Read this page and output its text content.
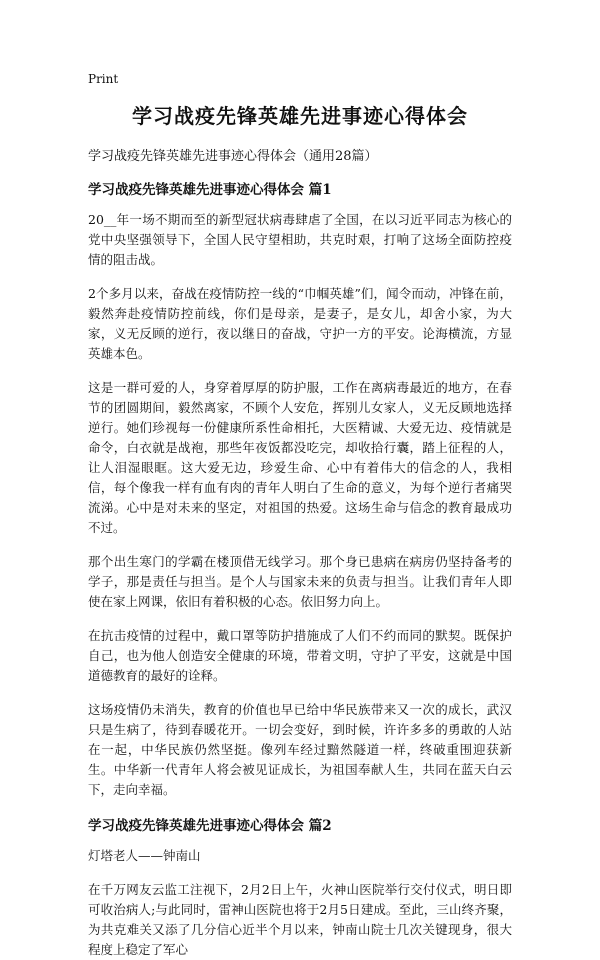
Print
学习战疫先锋英雄先进事迹心得体会
学习战疫先锋英雄先进事迹心得体会（通用28篇）
学习战疫先锋英雄先进事迹心得体会 篇1

20__年一场不期而至的新型冠状病毒肆虐了全国，在以习近平同志为核心的党中央坚强领导下，全国人民守望相助，共克时艰，打响了这场全面防控疫情的阻击战。

2个多月以来，奋战在疫情防控一线的“巾帼英雄”们，闻令而动，冲锋在前，毅然奔赴疫情防控前线，你们是母亲，是妻子，是女儿，却舍小家，为大家，义无反顾的逆行，夜以继日的奋战，守护一方的平安。论海横流，方显英雄本色。

这是一群可爱的人，身穿着厚厚的防护服，工作在离病毒最近的地方，在春节的团圆期间，毅然离家，不顾个人安危，挥别儿女家人，义无反顾地选择逆行。她们珍视每一份健康所系性命相托，大医精诚、大爱无边、疫情就是命令，白衣就是战袍，那些年夜饭都没吃完，却收拾行囊，踏上征程的人，让人泪湿眼眶。这大爱无边，珍爱生命、心中有着伟大的信念的人，我相信，每个像我一样有血有肉的青年人明白了生命的意义，为每个逆行者痛哭流涕。心中是对未来的坚定，对祖国的热爱。这场生命与信念的教育最成功不过。

那个出生寒门的学霸在楼顶借无线学习。那个身已患病在病房仍坚持备考的学子，那是责任与担当。是个人与国家未来的负责与担当。让我们青年人即使在家上网课，依旧有着积极的心态。依旧努力向上。

在抗击疫情的过程中，戴口罩等防护措施成了人们不约而同的默契。既保护自己，也为他人创造安全健康的环境，带着文明，守护了平安，这就是中国道德教育的最好的诠释。

这场疫情仍未消失，教育的价值也早已给中华民族带来又一次的成长，武汉只是生病了，待到春暖花开。一切会变好，到时候，许许多多的勇敢的人站在一起，中华民族仍然坚挺。像列车经过黯然隧道一样，终破重围迎获新生。中华新一代青年人将会被见证成长，为祖国奉献人生，共同在蓝天白云下，走向幸福。

学习战疫先锋英雄先进事迹心得体会 篇2

灯塔老人——钟南山

在千万网友云监工注视下，2月2日上午，火神山医院举行交付仪式，明日即可收治病人;与此同时，雷神山医院也将于2月5日建成。至此，三山终齐聚，为共克难关又添了几分信心近半个月以来，钟南山院士几次关键现身，很大程度上稳定了军心
